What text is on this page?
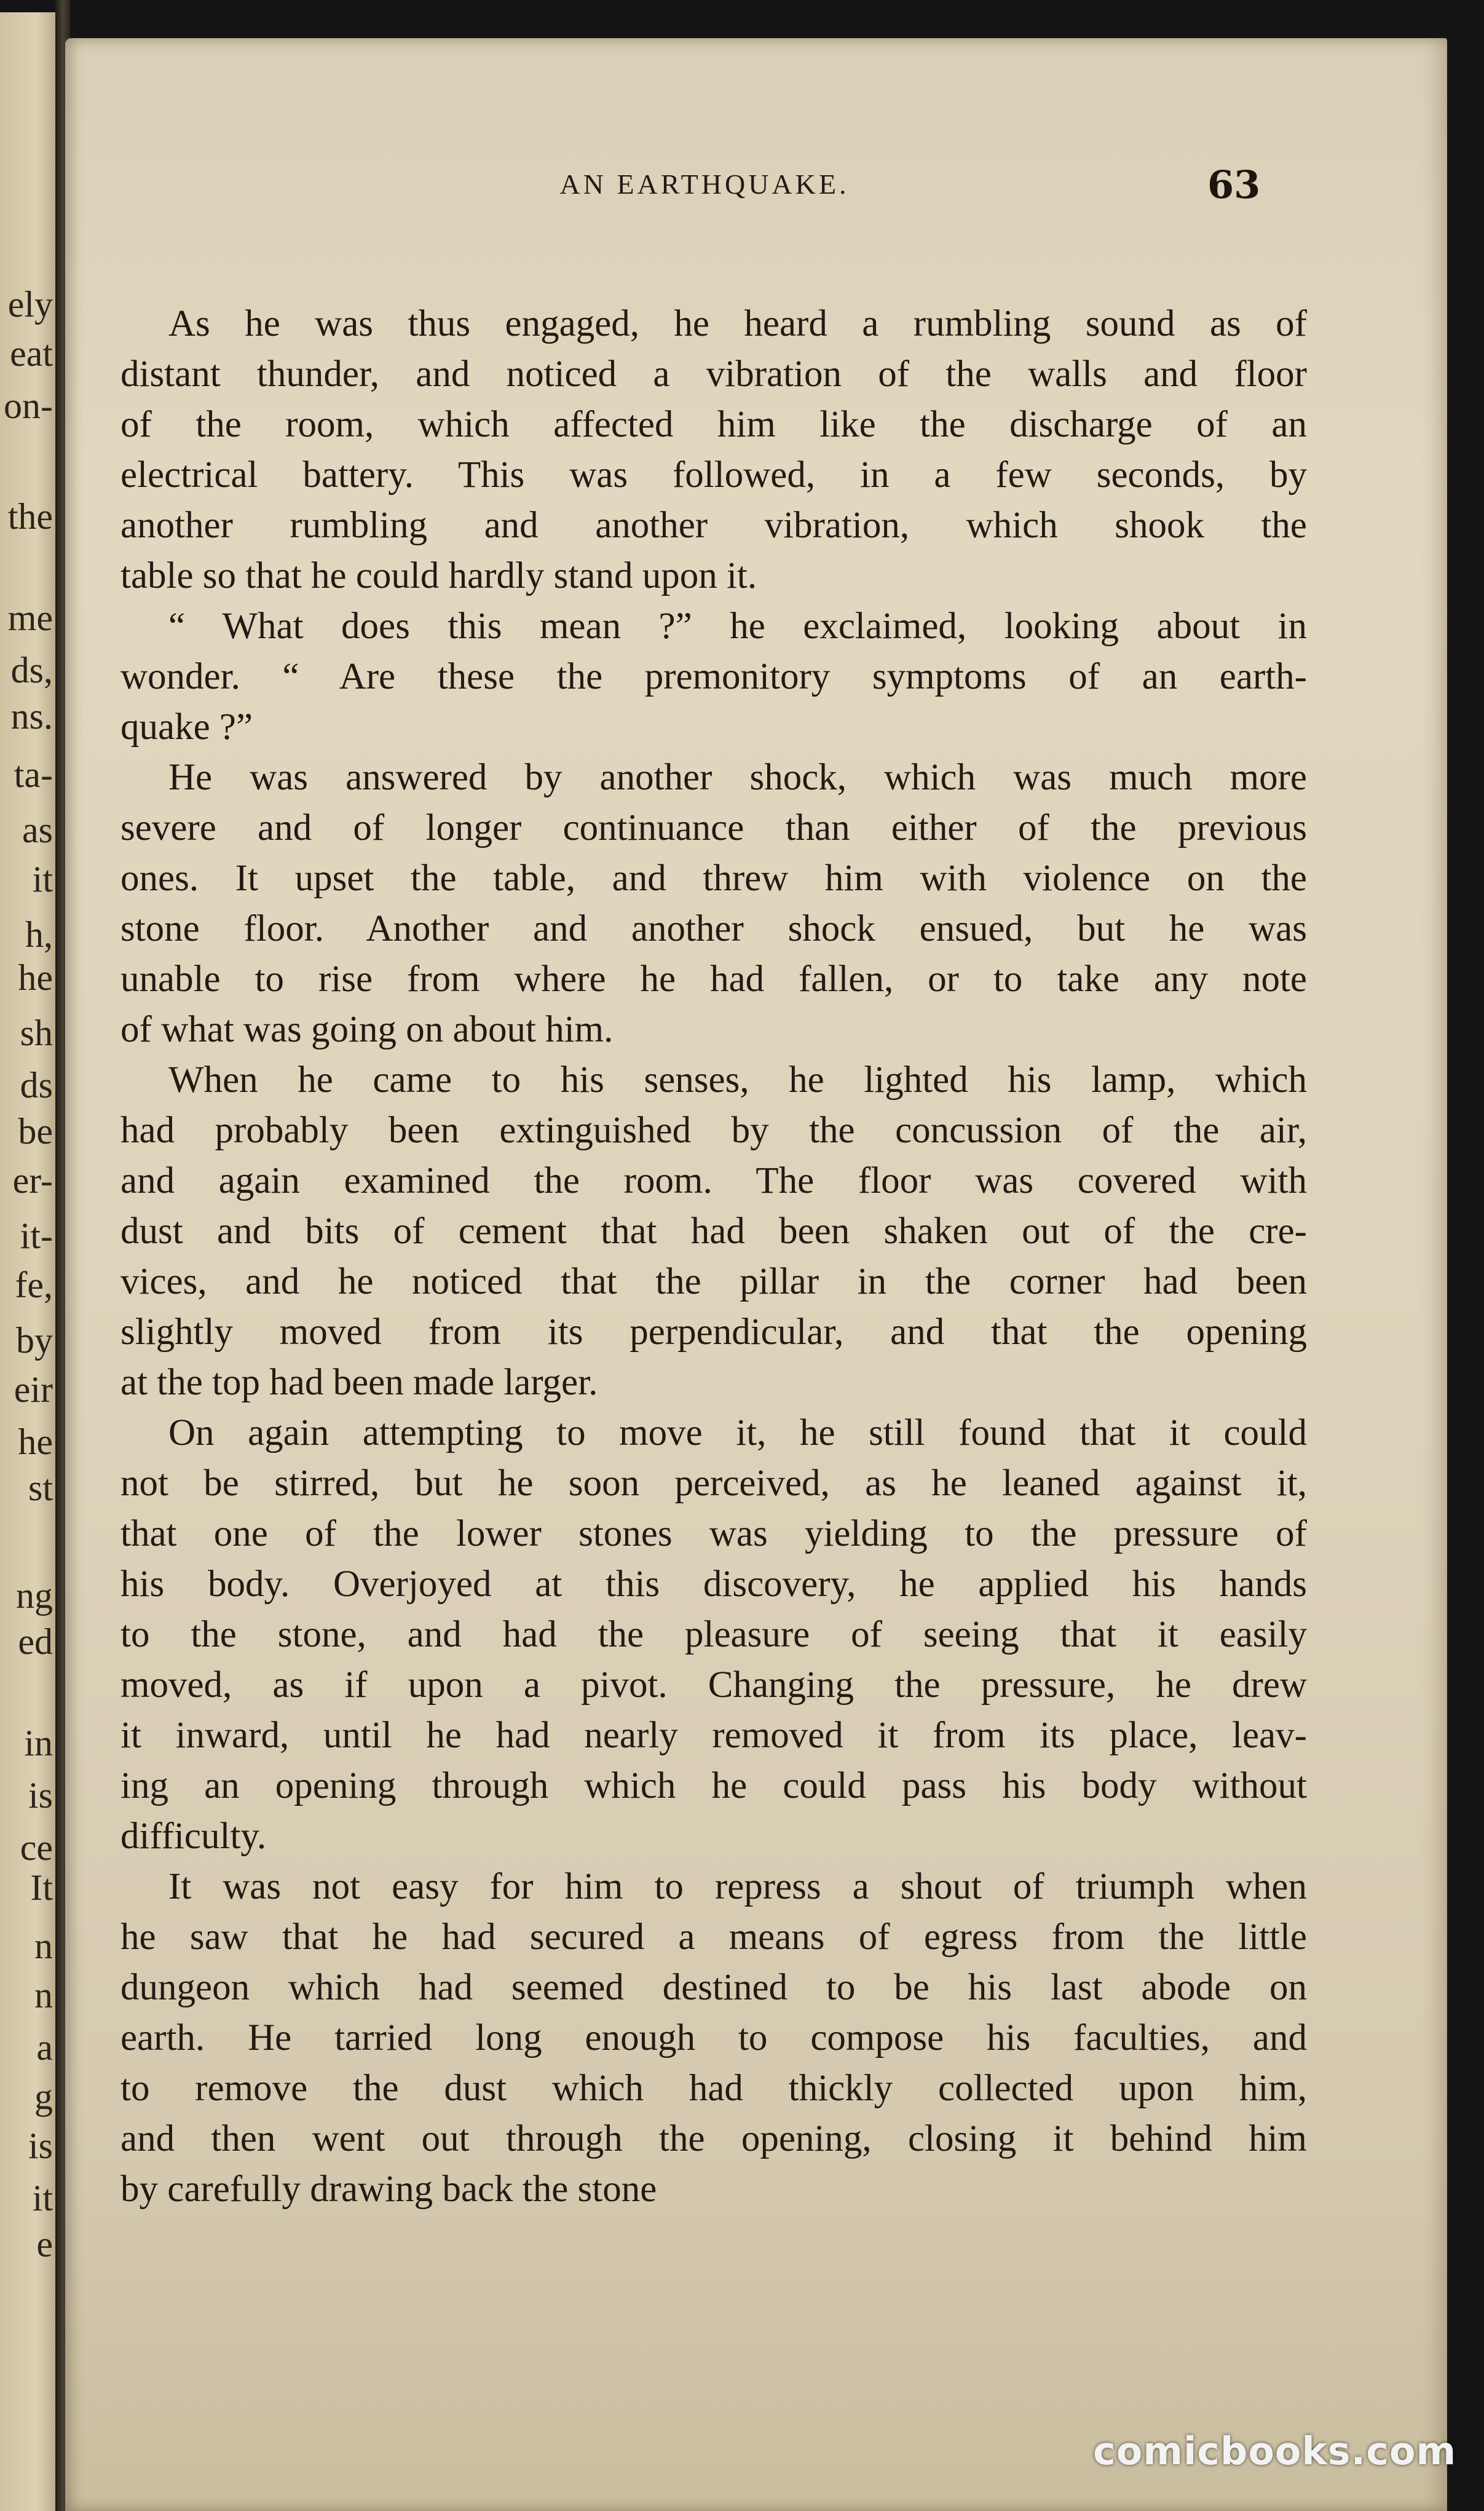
ely
eat
on-
the
me
ds,
ns.
ta-
as
it
h,
he
sh
ds
be
er-
it-
fe,
by
eir
he
st
ng
ed
in
is
ce
It
n
n
a
g
is
it
e
AN EARTHQUAKE.	63
As he was thus engaged, he heard a rumbling sound as of
distant thunder, and noticed a vibration of the walls and floor
of the room, which affected him like the discharge of an
electrical battery. This was followed, in a few seconds, by
another rumbling and another vibration, which shook the
table so that he could hardly stand upon it.
“ What does this mean ?” he exclaimed, looking about in
wonder. “ Are these the premonitory symptoms of an earth-
quake ?”
He was answered by another shock, which was much more
severe and of longer continuance than either of the previous
ones. It upset the table, and threw him with violence on the
stone floor. Another and another shock ensued, but he was
unable to rise from where he had fallen, or to take any note
of what was going on about him.
When he came to his senses, he lighted his lamp, which
had probably been extinguished by the concussion of the air,
and again examined the room. The floor was covered with
dust and bits of cement that had been shaken out of the cre-
vices, and he noticed that the pillar in the corner had been
slightly moved from its perpendicular, and that the opening
at the top had been made larger.
On again attempting to move it, he still found that it could
not be stirred, but he soon perceived, as he leaned against it,
that one of the lower stones was yielding to the pressure of
his body. Overjoyed at this discovery, he applied his hands
to the stone, and had the pleasure of seeing that it easily
moved, as if upon a pivot. Changing the pressure, he drew
it inward, until he had nearly removed it from its place, leav-
ing an opening through which he could pass his body without
difficulty.
It was not easy for him to repress a shout of triumph when
he saw that he had secured a means of egress from the little
dungeon which had seemed destined to be his last abode on
earth. He tarried long enough to compose his faculties, and
to remove the dust which had thickly collected upon him,
and then went out through the opening, closing it behind him
by carefully drawing back the stone
comicbooks.com
